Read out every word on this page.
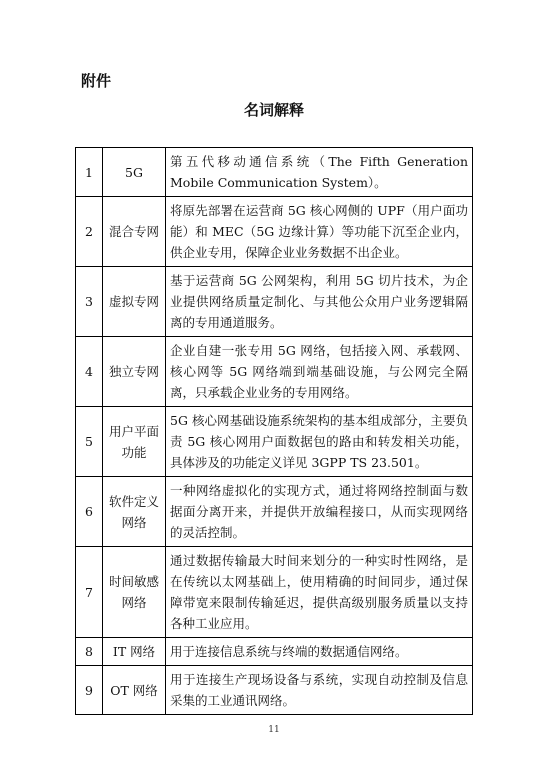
附件
名词解释
1	5G	第五代移动通信系统（The Fifth Generation Mobile Communication System）。
2	混合专网	将原先部署在运营商 5G 核心网侧的 UPF（用户面功能）和 MEC（5G 边缘计算）等功能下沉至企业内，供企业专用，保障企业业务数据不出企业。
3	虚拟专网	基于运营商 5G 公网架构，利用 5G 切片技术，为企业提供网络质量定制化、与其他公众用户业务逻辑隔离的专用通道服务。
4	独立专网	企业自建一张专用 5G 网络，包括接入网、承载网、核心网等 5G 网络端到端基础设施，与公网完全隔离，只承载企业业务的专用网络。
5	用户平面功能	5G 核心网基础设施系统架构的基本组成部分，主要负责 5G 核心网用户面数据包的路由和转发相关功能，具体涉及的功能定义详见 3GPP TS 23.501。
6	软件定义网络	一种网络虚拟化的实现方式，通过将网络控制面与数据面分离开来，并提供开放编程接口，从而实现网络的灵活控制。
7	时间敏感网络	通过数据传输最大时间来划分的一种实时性网络，是在传统以太网基础上，使用精确的时间同步，通过保障带宽来限制传输延迟，提供高级别服务质量以支持各种工业应用。
8	IT 网络	用于连接信息系统与终端的数据通信网络。
9	OT 网络	用于连接生产现场设备与系统，实现自动控制及信息采集的工业通讯网络。
11
